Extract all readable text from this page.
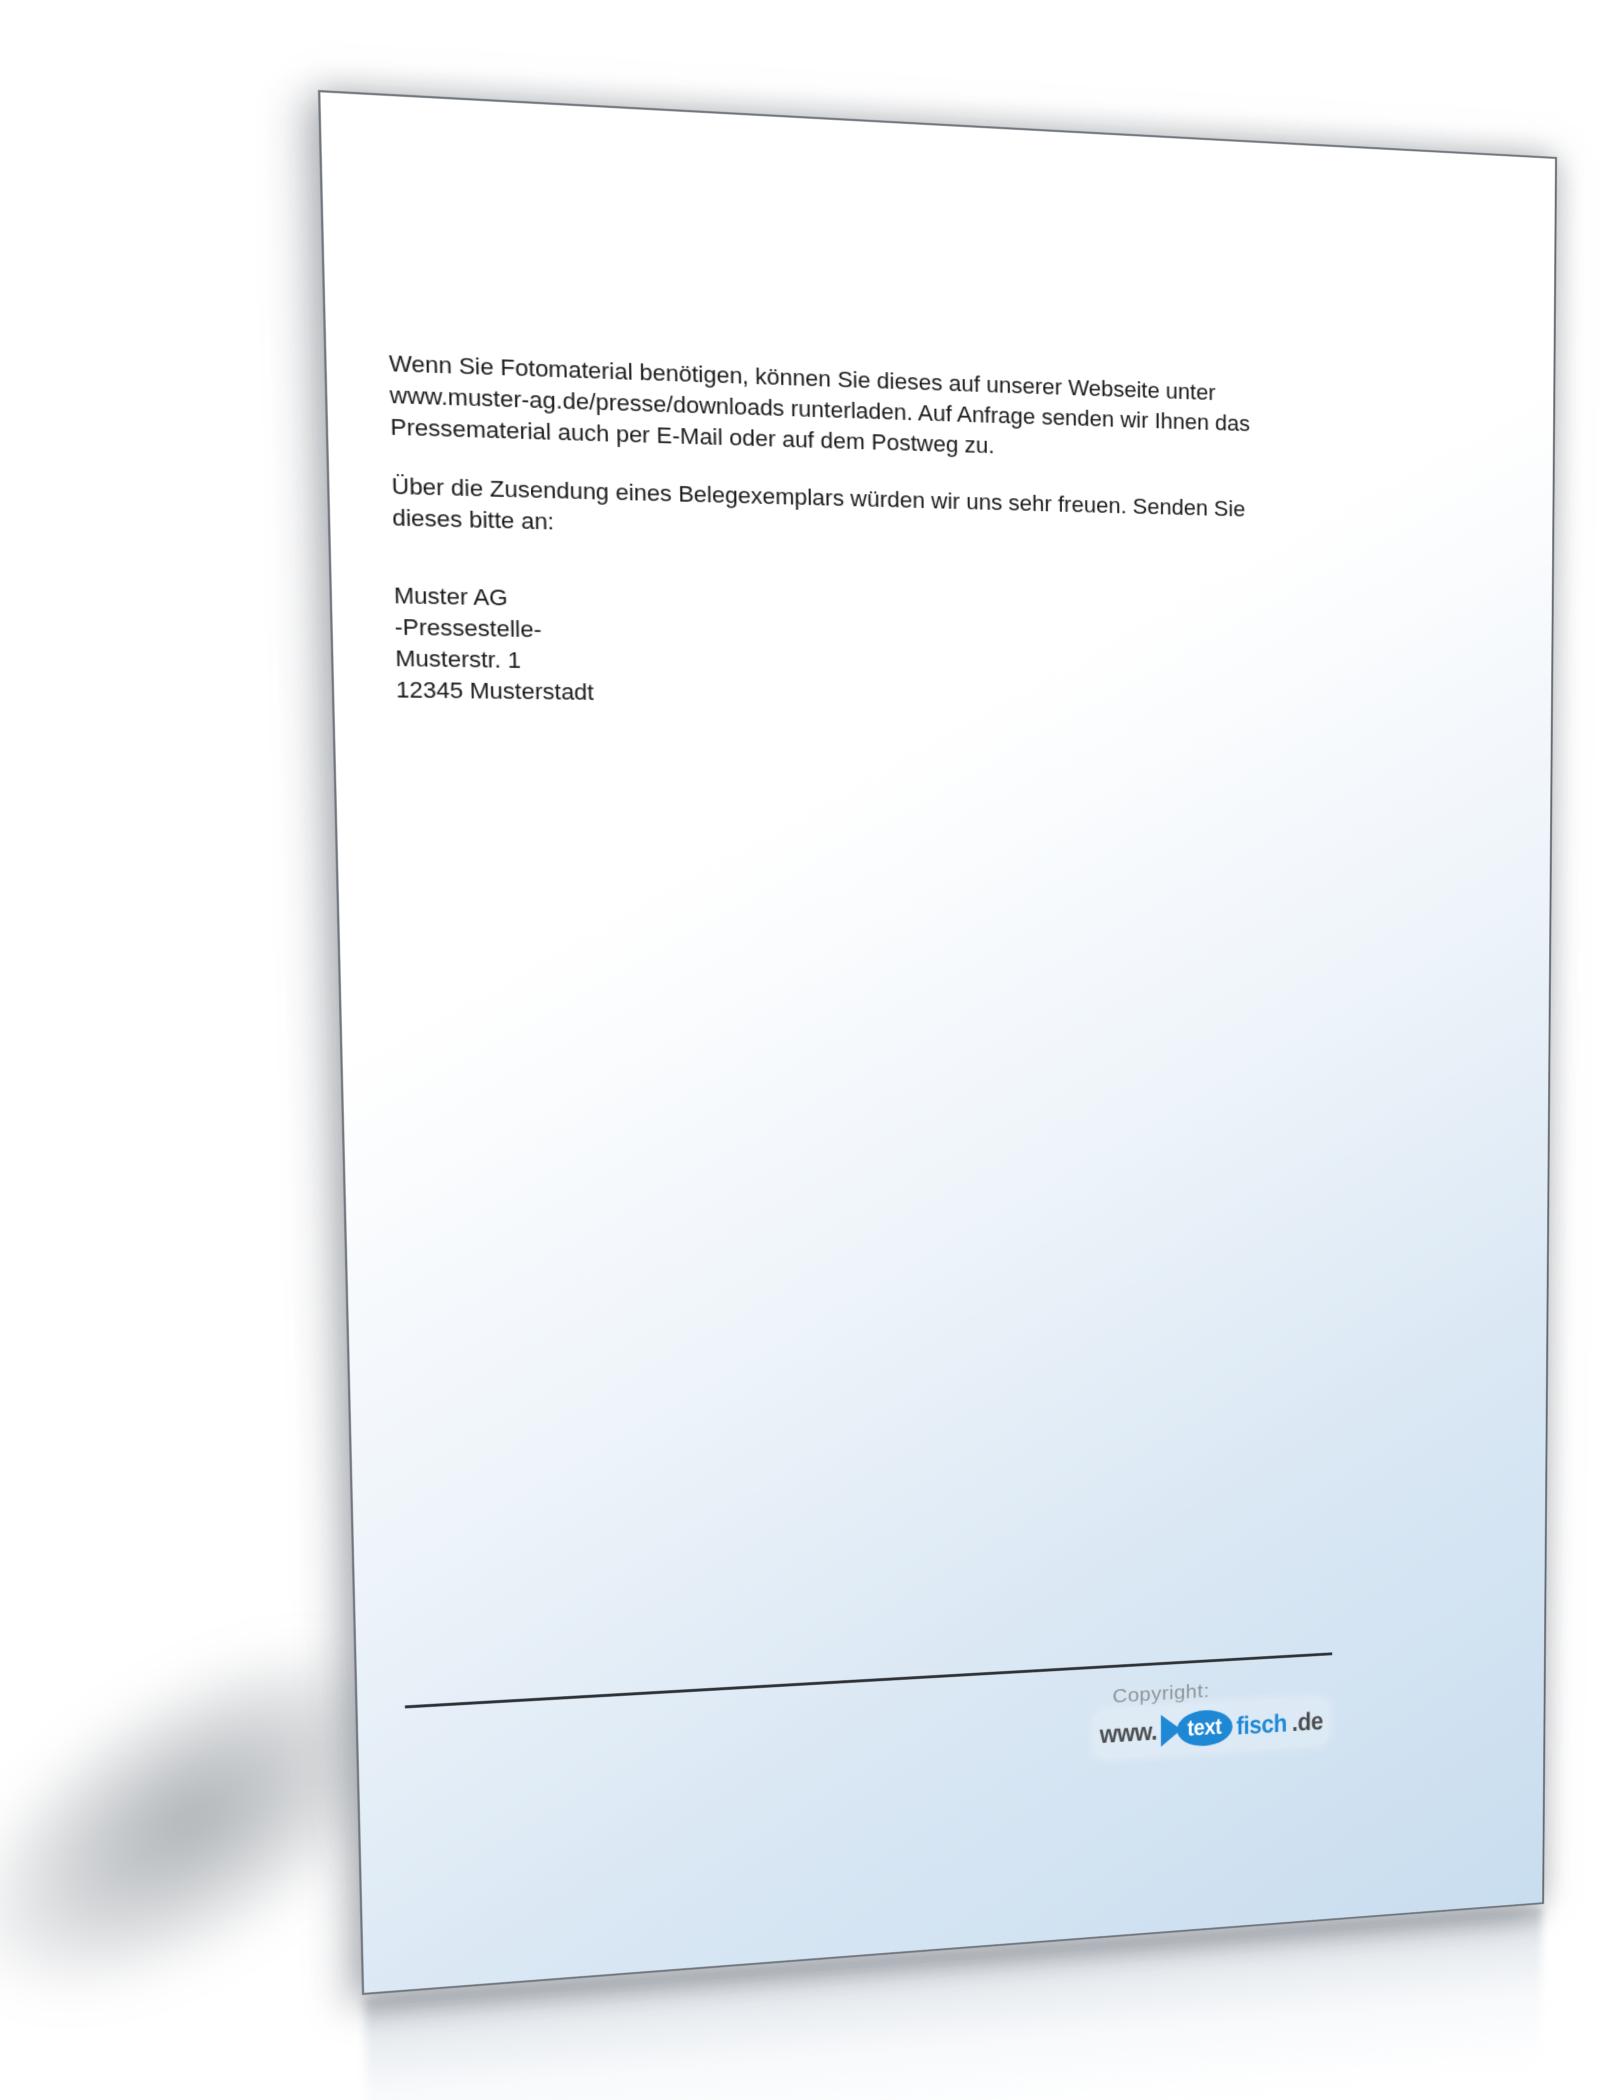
Wenn Sie Fotomaterial benötigen, können Sie dieses auf unserer Webseite unter
www.muster-ag.de/presse/downloads runterladen. Auf Anfrage senden wir Ihnen das
Pressematerial auch per E-Mail oder auf dem Postweg zu.

Über die Zusendung eines Belegexemplars würden wir uns sehr freuen. Senden Sie
dieses bitte an:

Muster AG
-Pressestelle-
Musterstr. 1
12345 Musterstadt

Copyright:
www.	text fisch .de
